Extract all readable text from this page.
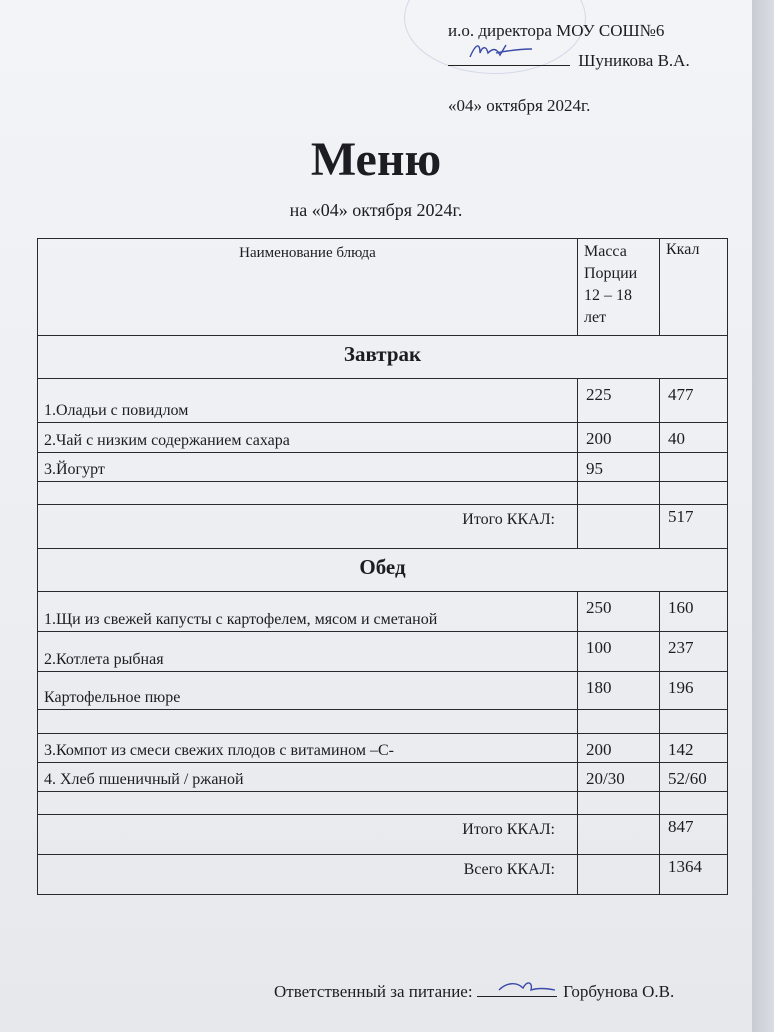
и.о. директора МОУ СОШ№6
Шуникова В.А.
«04» октября 2024г.
Меню
на «04» октября 2024г.
Наименование блюда	Масса
Порции
12 – 18
лет	Ккал
Завтрак		
1.Оладьи с повидлом	225	477
2.Чай с низким содержанием сахара	200	40
3.Йогурт	95	

Итого ККАЛ:		517
Обед		
1.Щи из свежей капусты с картофелем, мясом и сметаной	250	160
2.Котлета рыбная	100	237
Картофельное пюре	180	196

3.Компот из смеси свежих плодов с витамином –С-	200	142
4. Хлеб пшеничный / ржаной	20/30	52/60

Итого ККАЛ:		847
Всего ККАЛ:		1364
Ответственный за питание:	Горбунова О.В.
